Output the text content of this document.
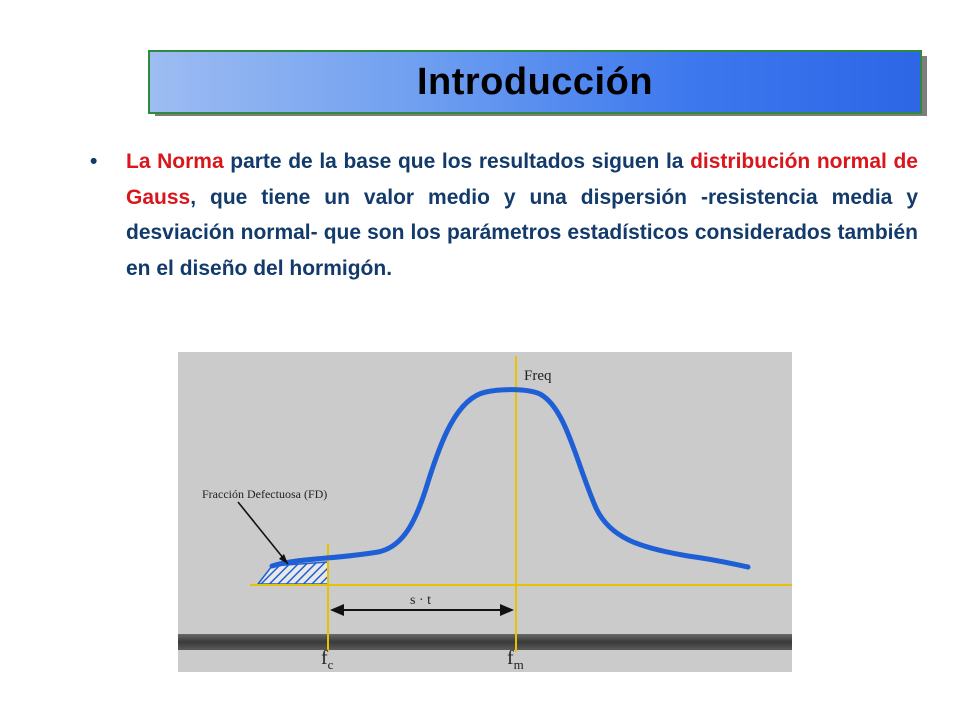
Introducción
• La Norma parte de la base que los resultados siguen la distribución normal de Gauss, que tiene un valor medio y una dispersión -resistencia media y desviación normal- que son los parámetros estadísticos considerados también en el diseño del hormigón.
Freq
Fracción Defectuosa (FD)
s · t
$f_c$	$f_m$
